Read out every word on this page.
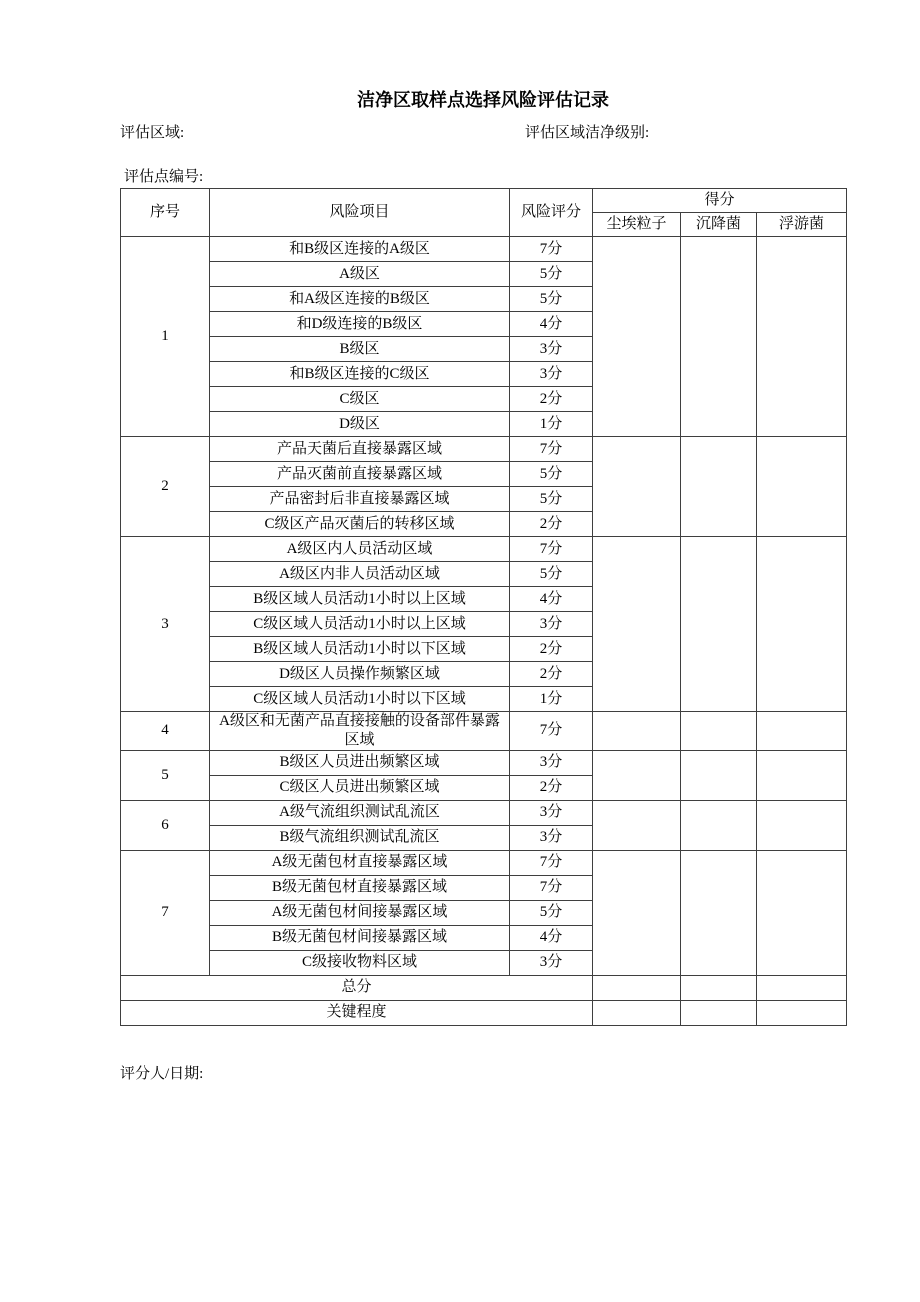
洁净区取样点选择风险评估记录
评估区域:	评估区域洁净级别:
评估点编号:
序号	风险项目	风险评分	得分		
			尘埃粒子	沉降菌	浮游菌
1	和B级区连接的A级区	7分			
	A级区	5分			
	和A级区连接的B级区	5分			
	和D级连接的B级区	4分			
	B级区	3分			
	和B级区连接的C级区	3分			
	C级区	2分			
	D级区	1分			
2	产品天菌后直接暴露区域	7分			
	产品灭菌前直接暴露区域	5分			
	产品密封后非直接暴露区域	5分			
	C级区产品灭菌后的转移区域	2分			
3	A级区内人员活动区域	7分			
	A级区内非人员活动区域	5分			
	B级区域人员活动1小时以上区域	4分			
	C级区域人员活动1小时以上区域	3分			
	B级区域人员活动1小时以下区域	2分			
	D级区人员操作频繁区域	2分			
	C级区域人员活动1小时以下区域	1分			
4	A级区和无菌产品直接接触的设备部件暴露区域	7分			
5	B级区人员进出频繁区域	3分			
	C级区人员进出频繁区域	2分			
6	A级气流组织测试乱流区	3分			
	B级气流组织测试乱流区	3分			
7	A级无菌包材直接暴露区域	7分			
	B级无菌包材直接暴露区域	7分			
	A级无菌包材间接暴露区域	5分			
	B级无菌包材间接暴露区域	4分			
	C级接收物料区域	3分			
总分					
关键程度					
评分人/日期:
